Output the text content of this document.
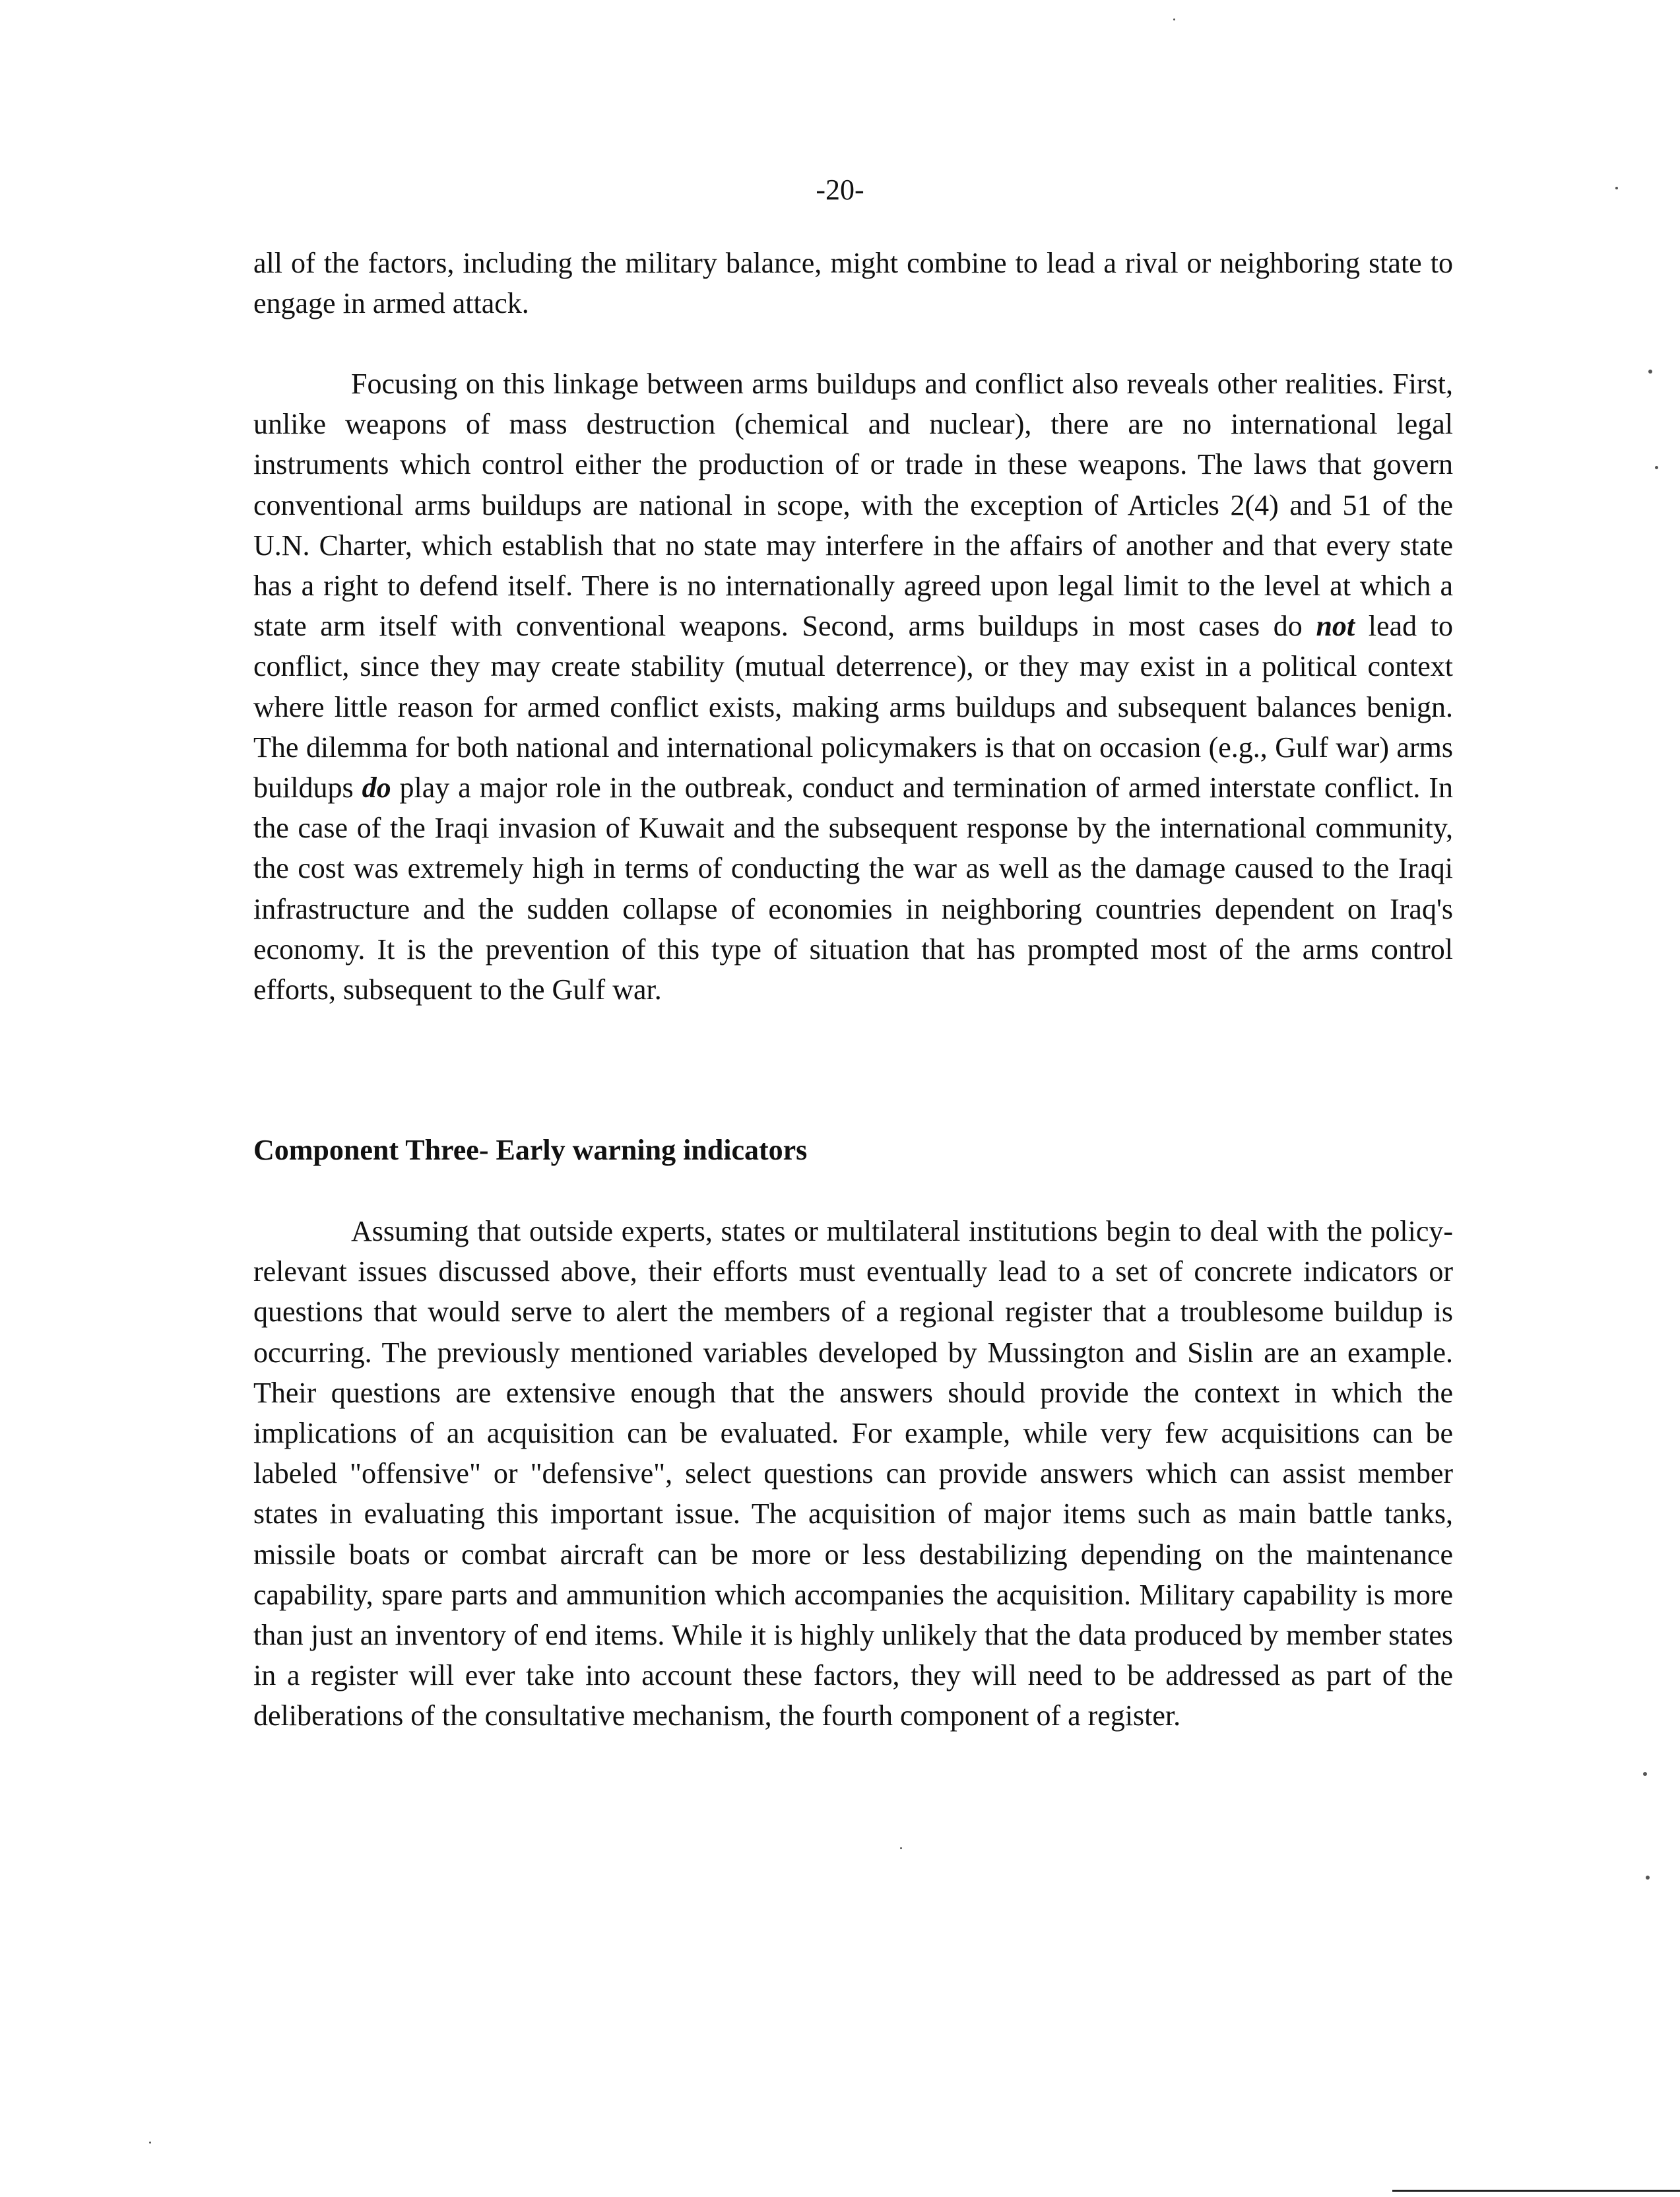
-20-

all of the factors, including the military balance, might combine to lead a rival or neighboring state to engage in armed attack.

Focusing on this linkage between arms buildups and conflict also reveals other realities. First, unlike weapons of mass destruction (chemical and nuclear), there are no international legal instruments which control either the production of or trade in these weapons. The laws that govern conventional arms buildups are national in scope, with the exception of Articles 2(4) and 51 of the U.N. Charter, which establish that no state may interfere in the affairs of another and that every state has a right to defend itself. There is no internationally agreed upon legal limit to the level at which a state arm itself with conventional weapons. Second, arms buildups in most cases do not lead to conflict, since they may create stability (mutual deterrence), or they may exist in a political context where little reason for armed conflict exists, making arms buildups and subsequent balances benign. The dilemma for both national and international policymakers is that on occasion (e.g., Gulf war) arms buildups do play a major role in the outbreak, conduct and termination of armed interstate conflict. In the case of the Iraqi invasion of Kuwait and the subsequent response by the international community, the cost was extremely high in terms of conducting the war as well as the damage caused to the Iraqi infrastructure and the sudden collapse of economies in neighboring countries dependent on Iraq's economy. It is the prevention of this type of situation that has prompted most of the arms control efforts, subsequent to the Gulf war.

Component Three- Early warning indicators

Assuming that outside experts, states or multilateral institutions begin to deal with the policy-relevant issues discussed above, their efforts must eventually lead to a set of concrete indicators or questions that would serve to alert the members of a regional register that a troublesome buildup is occurring. The previously mentioned variables developed by Mussington and Sislin are an example. Their questions are extensive enough that the answers should provide the context in which the implications of an acquisition can be evaluated. For example, while very few acquisitions can be labeled "offensive" or "defensive", select questions can provide answers which can assist member states in evaluating this important issue. The acquisition of major items such as main battle tanks, missile boats or combat aircraft can be more or less destabilizing depending on the maintenance capability, spare parts and ammunition which accompanies the acquisition. Military capability is more than just an inventory of end items. While it is highly unlikely that the data produced by member states in a register will ever take into account these factors, they will need to be addressed as part of the deliberations of the consultative mechanism, the fourth component of a register.
